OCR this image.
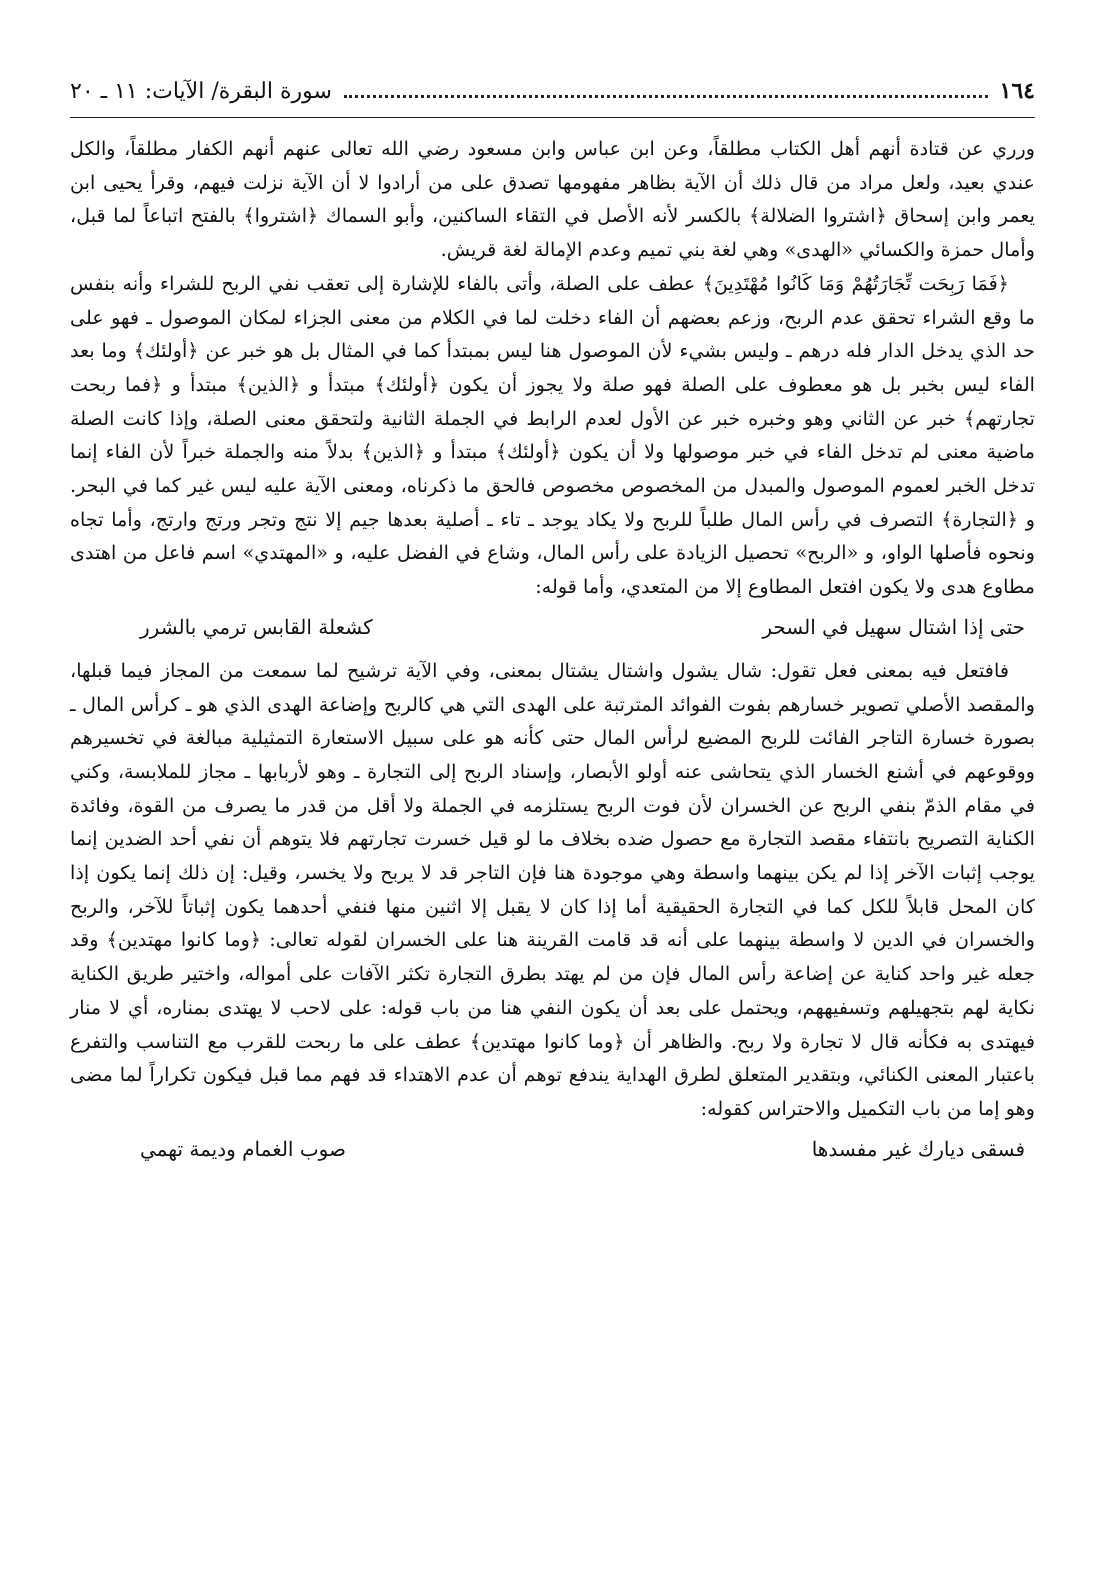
١٦٤
سورة البقرة/ الآيات: ١١ ـ ٢٠

ورري عن قتادة أنهم أهل الكتاب مطلقاً، وعن ابن عباس وابن مسعود رضي الله تعالى عنهم أنهم الكفار مطلقاً، والكل عندي بعيد، ولعل مراد من قال ذلك أن الآية بظاهر مفهومها تصدق على من أرادوا لا أن الآية نزلت فيهم، وقرأ يحيى ابن يعمر وابن إسحاق ﴿اشتروا الضلالة﴾ بالكسر لأنه الأصل في التقاء الساكنين، وأبو السماك ﴿اشتروا﴾ بالفتح اتباعاً لما قبل، وأمال حمزة والكسائي «الهدى» وهي لغة بني تميم وعدم الإمالة لغة قريش.

﴿فَمَا رَبِحَت تِّجَارَتُهُمْ وَمَا كَانُوا مُهْتَدِينَ﴾ عطف على الصلة، وأتى بالفاء للإشارة إلى تعقب نفي الربح للشراء وأنه بنفس ما وقع الشراء تحقق عدم الربح، وزعم بعضهم أن الفاء دخلت لما في الكلام من معنى الجزاء لمكان الموصول ـ فهو على حد الذي يدخل الدار فله درهم ـ وليس بشيء لأن الموصول هنا ليس بمبتدأ كما في المثال بل هو خبر عن ﴿أولئك﴾ وما بعد الفاء ليس بخبر بل هو معطوف على الصلة فهو صلة ولا يجوز أن يكون ﴿أولئك﴾ مبتدأ و ﴿الذين﴾ مبتدأ و ﴿فما ربحت تجارتهم﴾ خبر عن الثاني وهو وخبره خبر عن الأول لعدم الرابط في الجملة الثانية ولتحقق معنى الصلة، وإذا كانت الصلة ماضية معنى لم تدخل الفاء في خبر موصولها ولا أن يكون ﴿أولئك﴾ مبتدأ و ﴿الذين﴾ بدلاً منه والجملة خبراً لأن الفاء إنما تدخل الخبر لعموم الموصول والمبدل من المخصوص مخصوص فالحق ما ذكرناه، ومعنى الآية عليه ليس غير كما في البحر. و ﴿التجارة﴾ التصرف في رأس المال طلباً للربح ولا يكاد يوجد ـ تاء ـ أصلية بعدها جيم إلا نتج وتجر ورتج وارتج، وأما تجاه ونحوه فأصلها الواو، و «الربح» تحصيل الزيادة على رأس المال، وشاع في الفضل عليه، و «المهتدي» اسم فاعل من اهتدى مطاوع هدى ولا يكون افتعل المطاوع إلا من المتعدي، وأما قوله:

حتى إذا اشتال سهيل في السحر
كشعلة القابس ترمي بالشرر

فافتعل فيه بمعنى فعل تقول: شال يشول واشتال يشتال بمعنى، وفي الآية ترشيح لما سمعت من المجاز فيما قبلها، والمقصد الأصلي تصوير خسارهم بفوت الفوائد المترتبة على الهدى التي هي كالربح وإضاعة الهدى الذي هو ـ كرأس المال ـ بصورة خسارة التاجر الفائت للربح المضيع لرأس المال حتى كأنه هو على سبيل الاستعارة التمثيلية مبالغة في تخسيرهم ووقوعهم في أشنع الخسار الذي يتحاشى عنه أولو الأبصار، وإسناد الربح إلى التجارة ـ وهو لأربابها ـ مجاز للملابسة، وكني في مقام الذمّ بنفي الربح عن الخسران لأن فوت الربح يستلزمه في الجملة ولا أقل من قدر ما يصرف من القوة، وفائدة الكناية التصريح بانتفاء مقصد التجارة مع حصول ضده بخلاف ما لو قيل خسرت تجارتهم فلا يتوهم أن نفي أحد الضدين إنما يوجب إثبات الآخر إذا لم يكن بينهما واسطة وهي موجودة هنا فإن التاجر قد لا يربح ولا يخسر، وقيل: إن ذلك إنما يكون إذا كان المحل قابلاً للكل كما في التجارة الحقيقية أما إذا كان لا يقبل إلا اثنين منها فنفي أحدهما يكون إثباتاً للآخر، والربح والخسران في الدين لا واسطة بينهما على أنه قد قامت القرينة هنا على الخسران لقوله تعالى: ﴿وما كانوا مهتدين﴾ وقد جعله غير واحد كناية عن إضاعة رأس المال فإن من لم يهتد بطرق التجارة تكثر الآفات على أمواله، واختير طريق الكناية نكاية لهم بتجهيلهم وتسفيههم، ويحتمل على بعد أن يكون النفي هنا من باب قوله: على لاحب لا يهتدى بمناره، أي لا منار فيهتدى به فكأنه قال لا تجارة ولا ربح. والظاهر أن ﴿وما كانوا مهتدين﴾ عطف على ما ربحت للقرب مع التناسب والتفرع باعتبار المعنى الكنائي، وبتقدير المتعلق لطرق الهداية يندفع توهم أن عدم الاهتداء قد فهم مما قبل فيكون تكراراً لما مضى وهو إما من باب التكميل والاحتراس كقوله:

فسقى ديارك غير مفسدها
صوب الغمام وديمة تهمي
